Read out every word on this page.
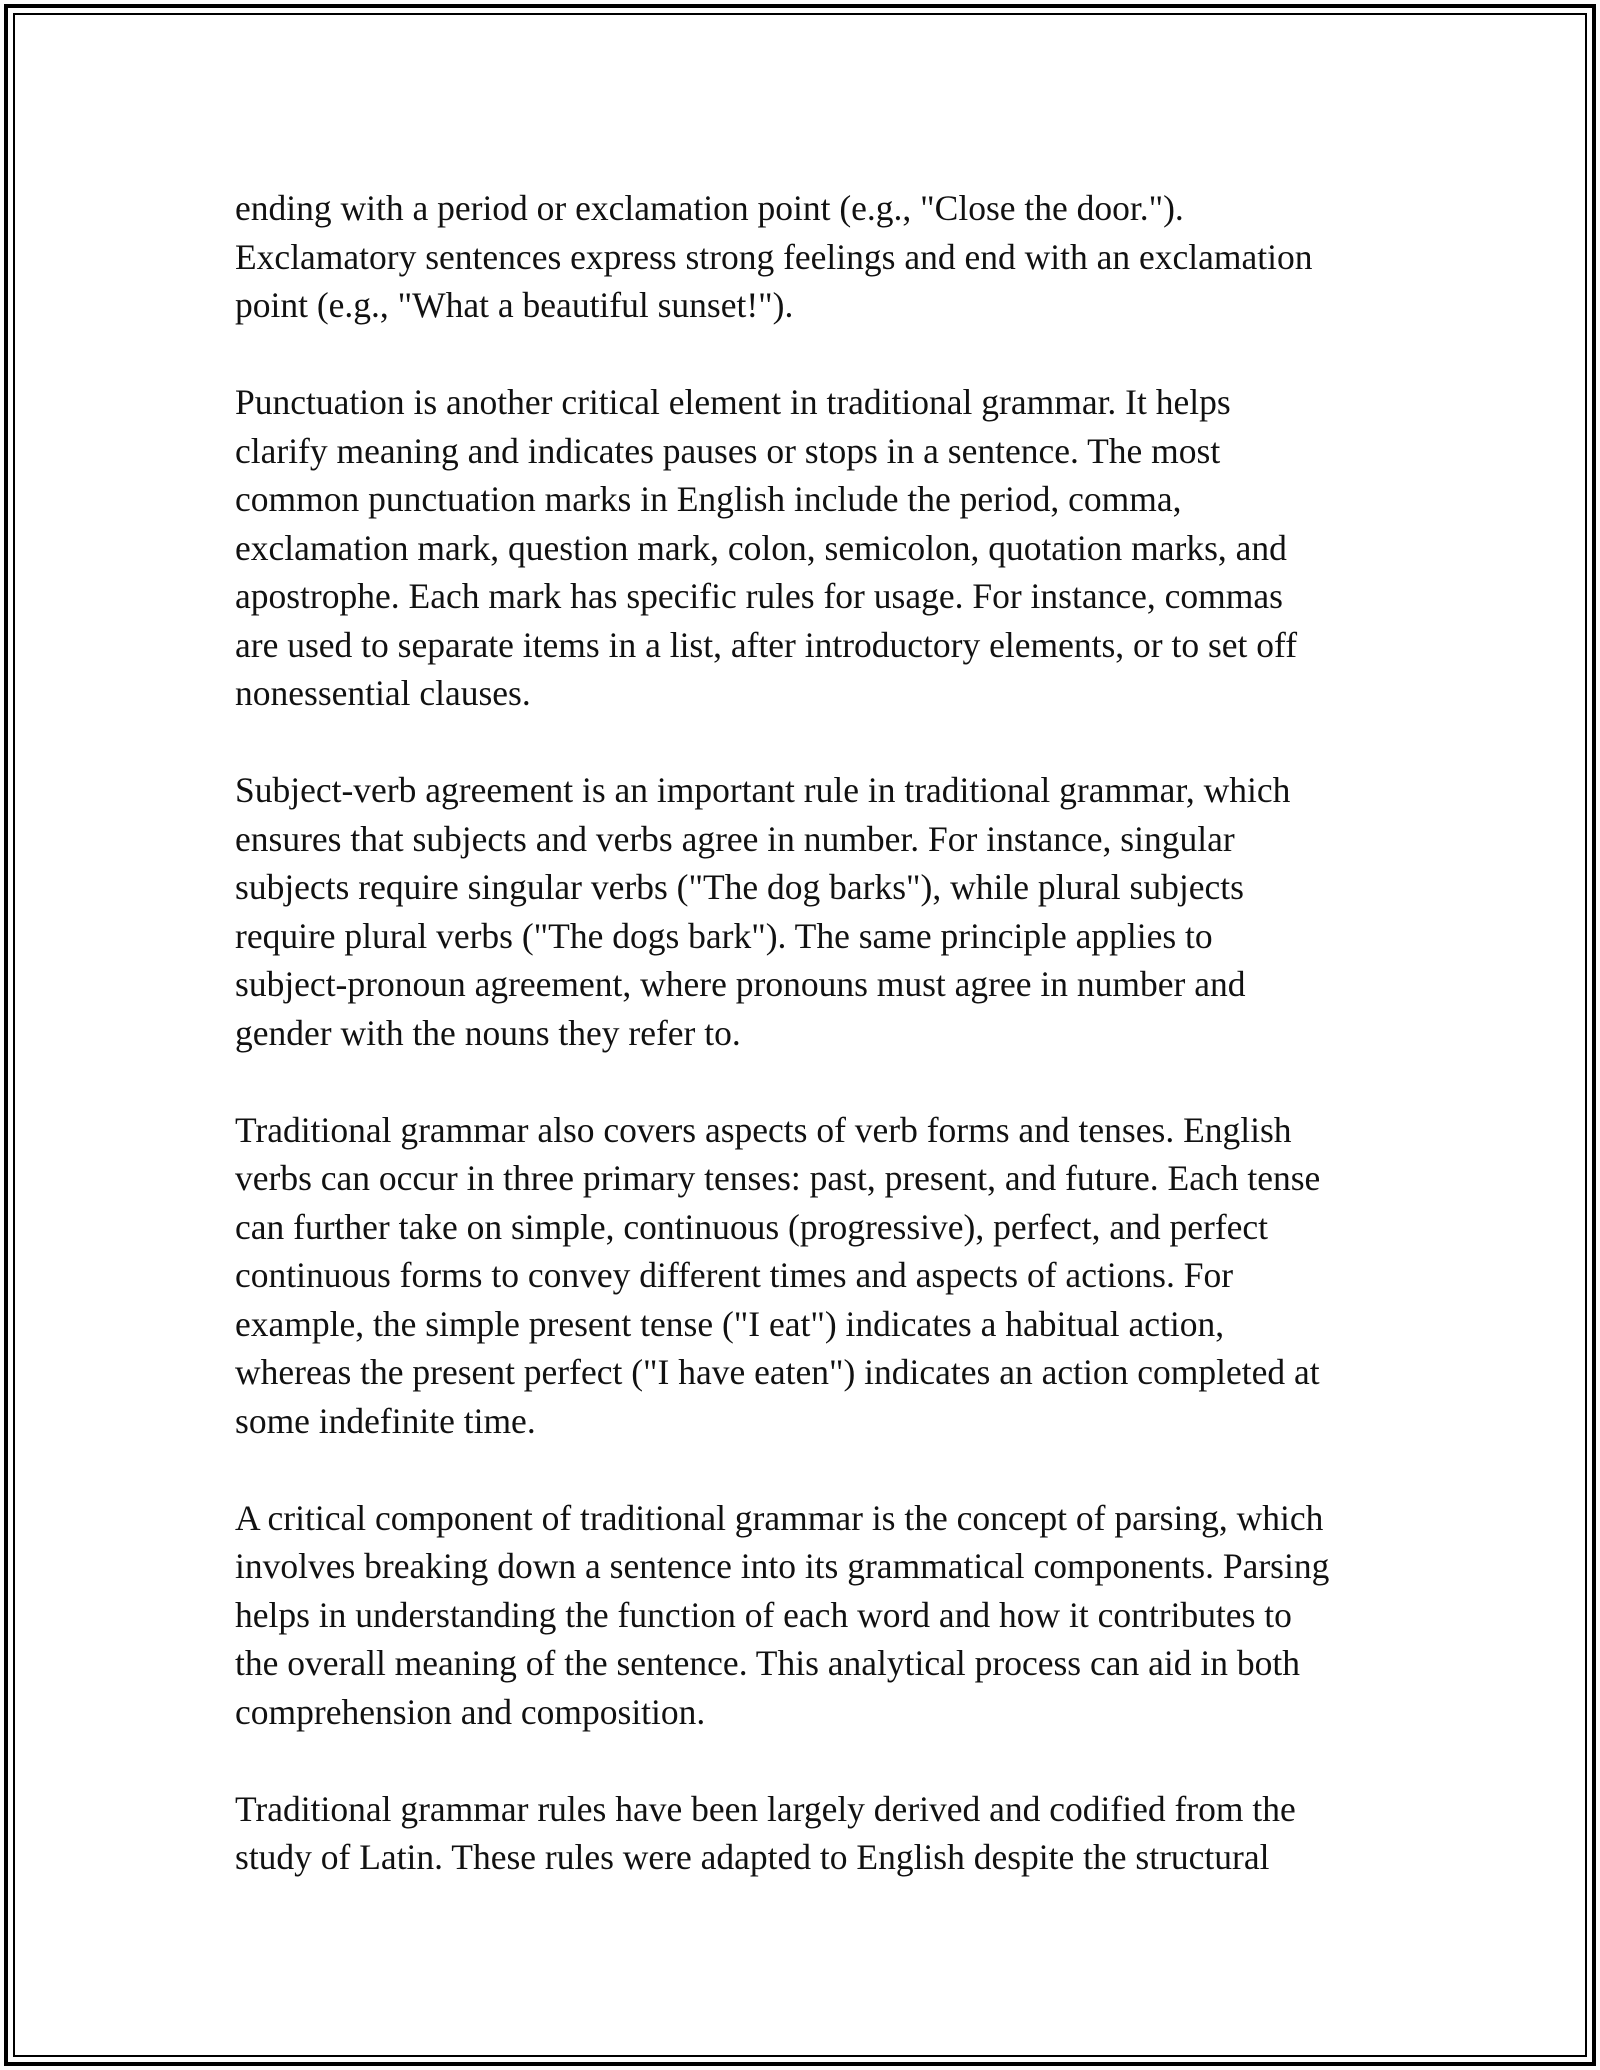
ending with a period or exclamation point (e.g., "Close the door.").
Exclamatory sentences express strong feelings and end with an exclamation
point (e.g., "What a beautiful sunset!").

Punctuation is another critical element in traditional grammar. It helps
clarify meaning and indicates pauses or stops in a sentence. The most
common punctuation marks in English include the period, comma,
exclamation mark, question mark, colon, semicolon, quotation marks, and
apostrophe. Each mark has specific rules for usage. For instance, commas
are used to separate items in a list, after introductory elements, or to set off
nonessential clauses.

Subject-verb agreement is an important rule in traditional grammar, which
ensures that subjects and verbs agree in number. For instance, singular
subjects require singular verbs ("The dog barks"), while plural subjects
require plural verbs ("The dogs bark"). The same principle applies to
subject-pronoun agreement, where pronouns must agree in number and
gender with the nouns they refer to.

Traditional grammar also covers aspects of verb forms and tenses. English
verbs can occur in three primary tenses: past, present, and future. Each tense
can further take on simple, continuous (progressive), perfect, and perfect
continuous forms to convey different times and aspects of actions. For
example, the simple present tense ("I eat") indicates a habitual action,
whereas the present perfect ("I have eaten") indicates an action completed at
some indefinite time.

A critical component of traditional grammar is the concept of parsing, which
involves breaking down a sentence into its grammatical components. Parsing
helps in understanding the function of each word and how it contributes to
the overall meaning of the sentence. This analytical process can aid in both
comprehension and composition.

Traditional grammar rules have been largely derived and codified from the
study of Latin. These rules were adapted to English despite the structural
